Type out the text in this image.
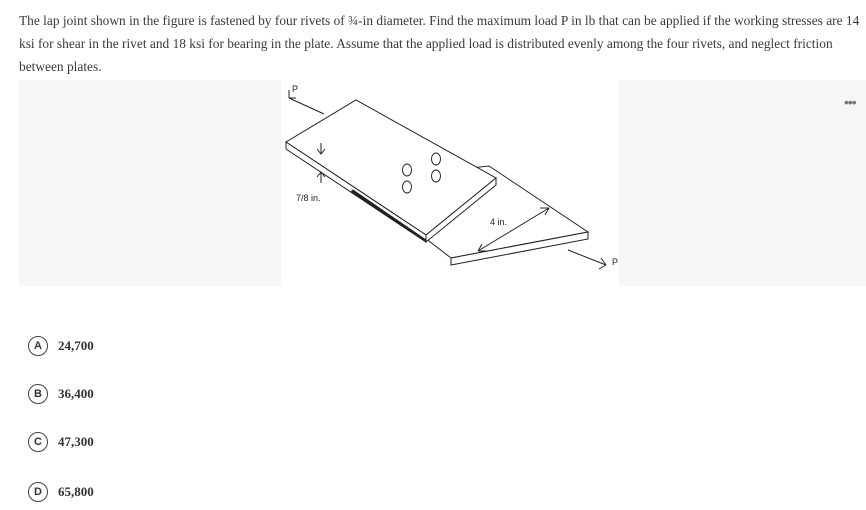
The lap joint shown in the figure is fastened by four rivets of ¾-in diameter. Find the maximum load P in lb that can be applied if the working stresses are 14 ksi for shear in the rivet and 18 ksi for bearing in the plate. Assume that the applied load is distributed evenly among the four rivets, and neglect friction between plates.
•••
P
7/8 in.
4 in.
P
A	24,700
B	36,400
C	47,300
D	65,800
